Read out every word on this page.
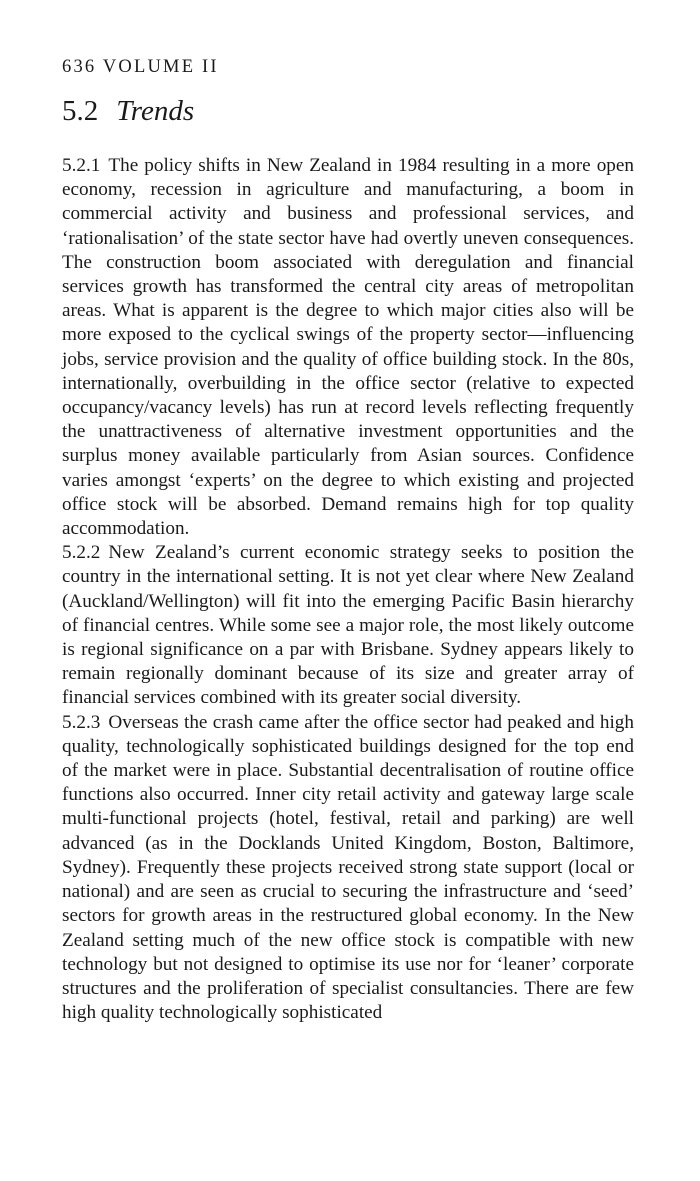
636 VOLUME II

5.2 Trends

5.2.1 The policy shifts in New Zealand in 1984 resulting in a more open economy, recession in agriculture and manufacturing, a boom in commercial activity and business and professional services, and ‘rationalisation’ of the state sector have had overtly uneven consequences. The construction boom associated with deregulation and financial services growth has transformed the central city areas of metropolitan areas. What is apparent is the degree to which major cities also will be more exposed to the cyclical swings of the property sector—influencing jobs, service provision and the quality of office building stock. In the 80s, internationally, overbuilding in the office sector (relative to expected occupancy/vacancy levels) has run at record levels reflecting frequently the unattractiveness of alternative investment opportunities and the surplus money available particularly from Asian sources. Confidence varies amongst ‘experts’ on the degree to which existing and projected office stock will be absorbed. Demand remains high for top quality accommodation.

5.2.2 New Zealand’s current economic strategy seeks to position the country in the international setting. It is not yet clear where New Zealand (Auckland/Wellington) will fit into the emerging Pacific Basin hierarchy of financial centres. While some see a major role, the most likely outcome is regional significance on a par with Brisbane. Sydney appears likely to remain regionally dominant because of its size and greater array of financial services combined with its greater social diversity.

5.2.3 Overseas the crash came after the office sector had peaked and high quality, technologically sophisticated buildings designed for the top end of the market were in place. Substantial decentralisation of routine office functions also occurred. Inner city retail activity and gateway large scale multi-functional projects (hotel, festival, retail and parking) are well advanced (as in the Docklands United Kingdom, Boston, Baltimore, Sydney). Frequently these projects received strong state support (local or national) and are seen as crucial to securing the infrastructure and ‘seed’ sectors for growth areas in the restructured global economy. In the New Zealand setting much of the new office stock is compatible with new technology but not designed to optimise its use nor for ‘leaner’ corporate structures and the proliferation of specialist consultancies. There are few high quality technologically sophisticated
